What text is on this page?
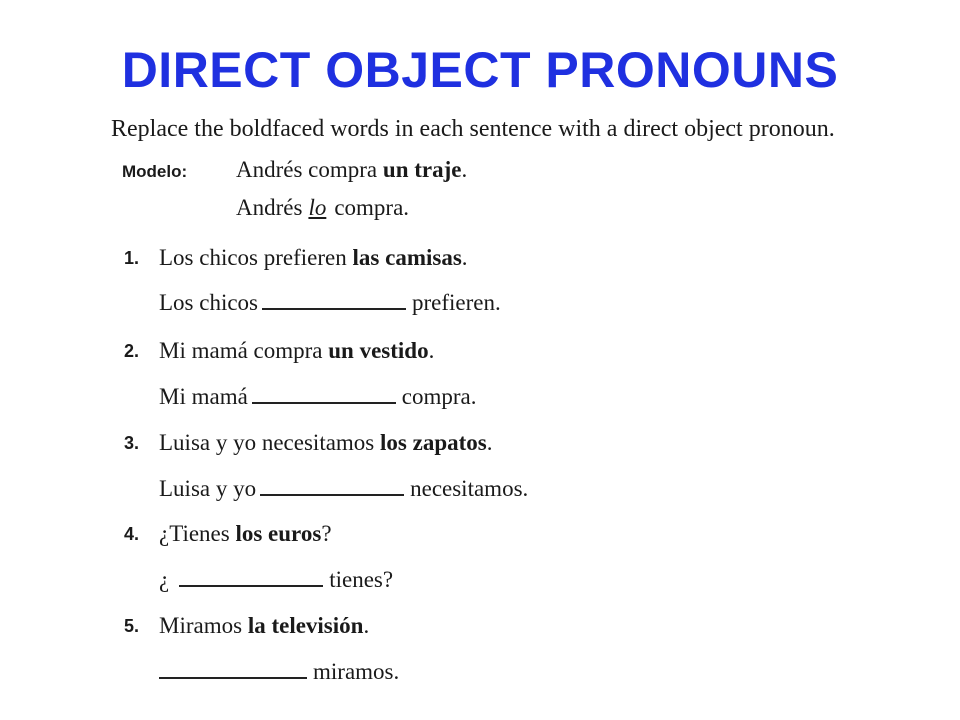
DIRECT OBJECT PRONOUNS
Replace the boldfaced words in each sentence with a direct object pronoun.
Modelo: Andrés compra un traje.
Andrés lo compra.
1. Los chicos prefieren las camisas.
Los chicos	prefieren.
2. Mi mamá compra un vestido.
Mi mamá	compra.
3. Luisa y yo necesitamos los zapatos.
Luisa y yo	necesitamos.
4. ¿Tienes los euros?
¿	tienes?
5. Miramos la televisión.
miramos.
